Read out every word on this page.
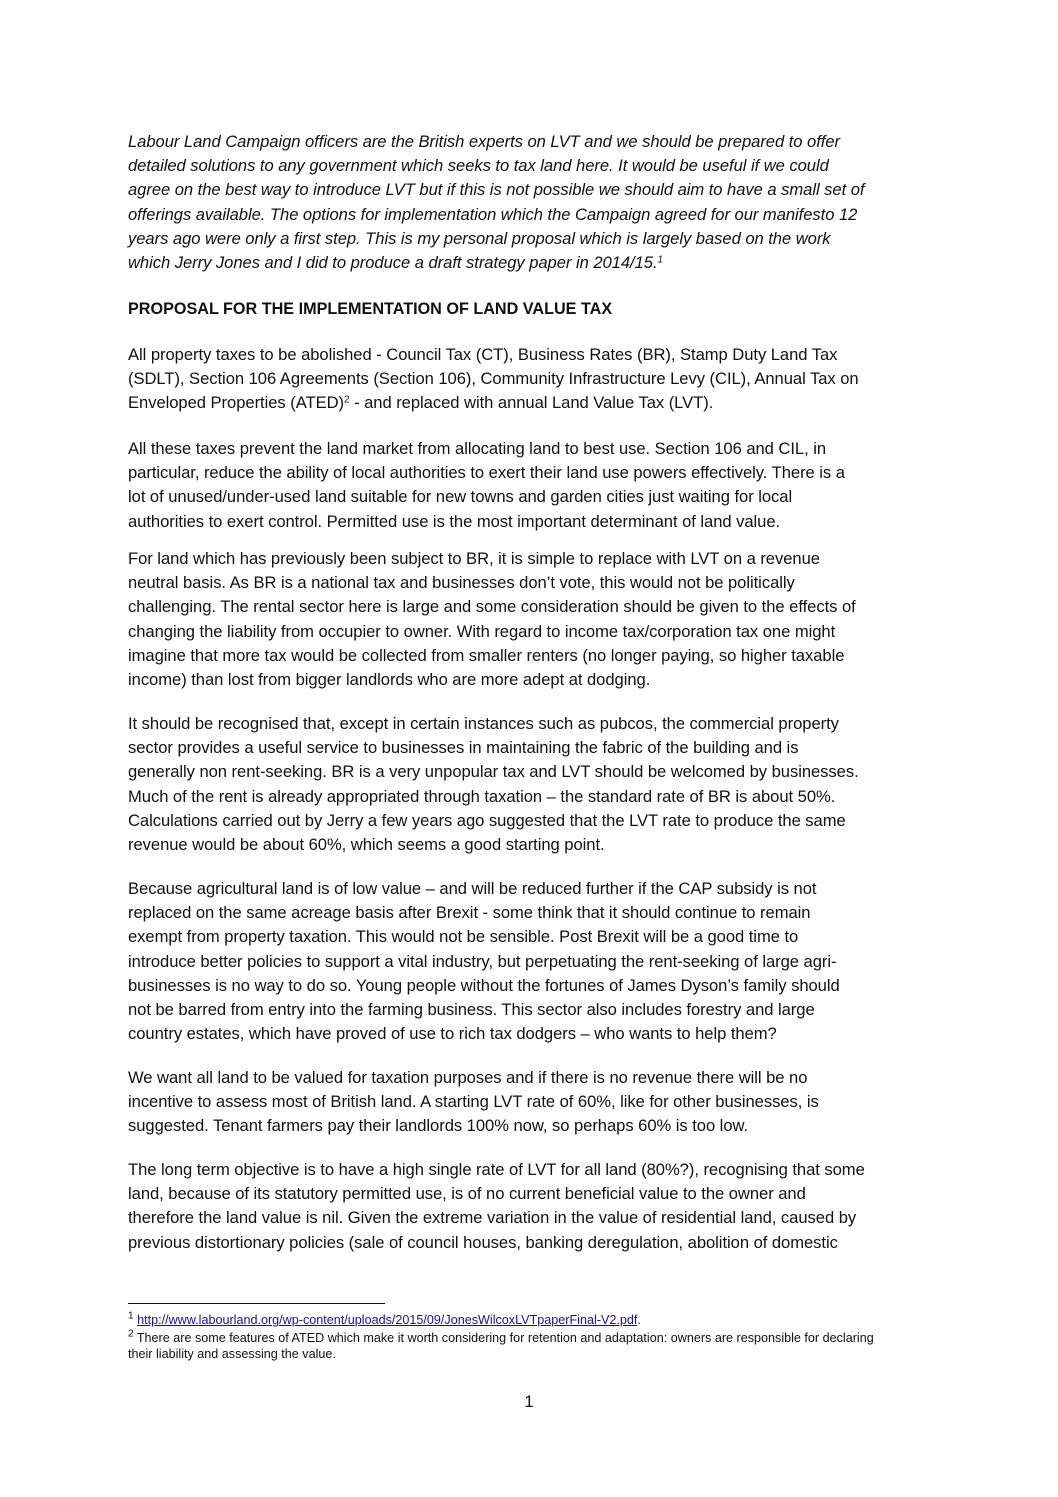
Labour Land Campaign officers are the British experts on LVT and we should be prepared to offer
detailed solutions to any government which seeks to tax land here. It would be useful if we could
agree on the best way to introduce LVT but if this is not possible we should aim to have a small set of
offerings available. The options for implementation which the Campaign agreed for our manifesto 12
years ago were only a first step. This is my personal proposal which is largely based on the work
which Jerry Jones and I did to produce a draft strategy paper in 2014/15.$^1$
PROPOSAL FOR THE IMPLEMENTATION OF LAND VALUE TAX
All property taxes to be abolished - Council Tax (CT), Business Rates (BR), Stamp Duty Land Tax
(SDLT), Section 106 Agreements (Section 106), Community Infrastructure Levy (CIL), Annual Tax on
Enveloped Properties (ATED)$^2$ - and replaced with annual Land Value Tax (LVT).
All these taxes prevent the land market from allocating land to best use. Section 106 and CIL, in
particular, reduce the ability of local authorities to exert their land use powers effectively. There is a
lot of unused/under-used land suitable for new towns and garden cities just waiting for local
authorities to exert control. Permitted use is the most important determinant of land value.
For land which has previously been subject to BR, it is simple to replace with LVT on a revenue
neutral basis. As BR is a national tax and businesses don’t vote, this would not be politically
challenging. The rental sector here is large and some consideration should be given to the effects of
changing the liability from occupier to owner. With regard to income tax/corporation tax one might
imagine that more tax would be collected from smaller renters (no longer paying, so higher taxable
income) than lost from bigger landlords who are more adept at dodging.
It should be recognised that, except in certain instances such as pubcos, the commercial property
sector provides a useful service to businesses in maintaining the fabric of the building and is
generally non rent-seeking. BR is a very unpopular tax and LVT should be welcomed by businesses.
Much of the rent is already appropriated through taxation – the standard rate of BR is about 50%.
Calculations carried out by Jerry a few years ago suggested that the LVT rate to produce the same
revenue would be about 60%, which seems a good starting point.
Because agricultural land is of low value – and will be reduced further if the CAP subsidy is not
replaced on the same acreage basis after Brexit - some think that it should continue to remain
exempt from property taxation. This would not be sensible. Post Brexit will be a good time to
introduce better policies to support a vital industry, but perpetuating the rent-seeking of large agri-
businesses is no way to do so. Young people without the fortunes of James Dyson’s family should
not be barred from entry into the farming business. This sector also includes forestry and large
country estates, which have proved of use to rich tax dodgers – who wants to help them?
We want all land to be valued for taxation purposes and if there is no revenue there will be no
incentive to assess most of British land. A starting LVT rate of 60%, like for other businesses, is
suggested. Tenant farmers pay their landlords 100% now, so perhaps 60% is too low.
The long term objective is to have a high single rate of LVT for all land (80%?), recognising that some
land, because of its statutory permitted use, is of no current beneficial value to the owner and
therefore the land value is nil. Given the extreme variation in the value of residential land, caused by
previous distortionary policies (sale of council houses, banking deregulation, abolition of domestic
$^1$ http://www.labourland.org/wp-content/uploads/2015/09/JonesWilcoxLVTpaperFinal-V2.pdf.
$^2$ There are some features of ATED which make it worth considering for retention and adaptation: owners are responsible for declaring
their liability and assessing the value.
1
